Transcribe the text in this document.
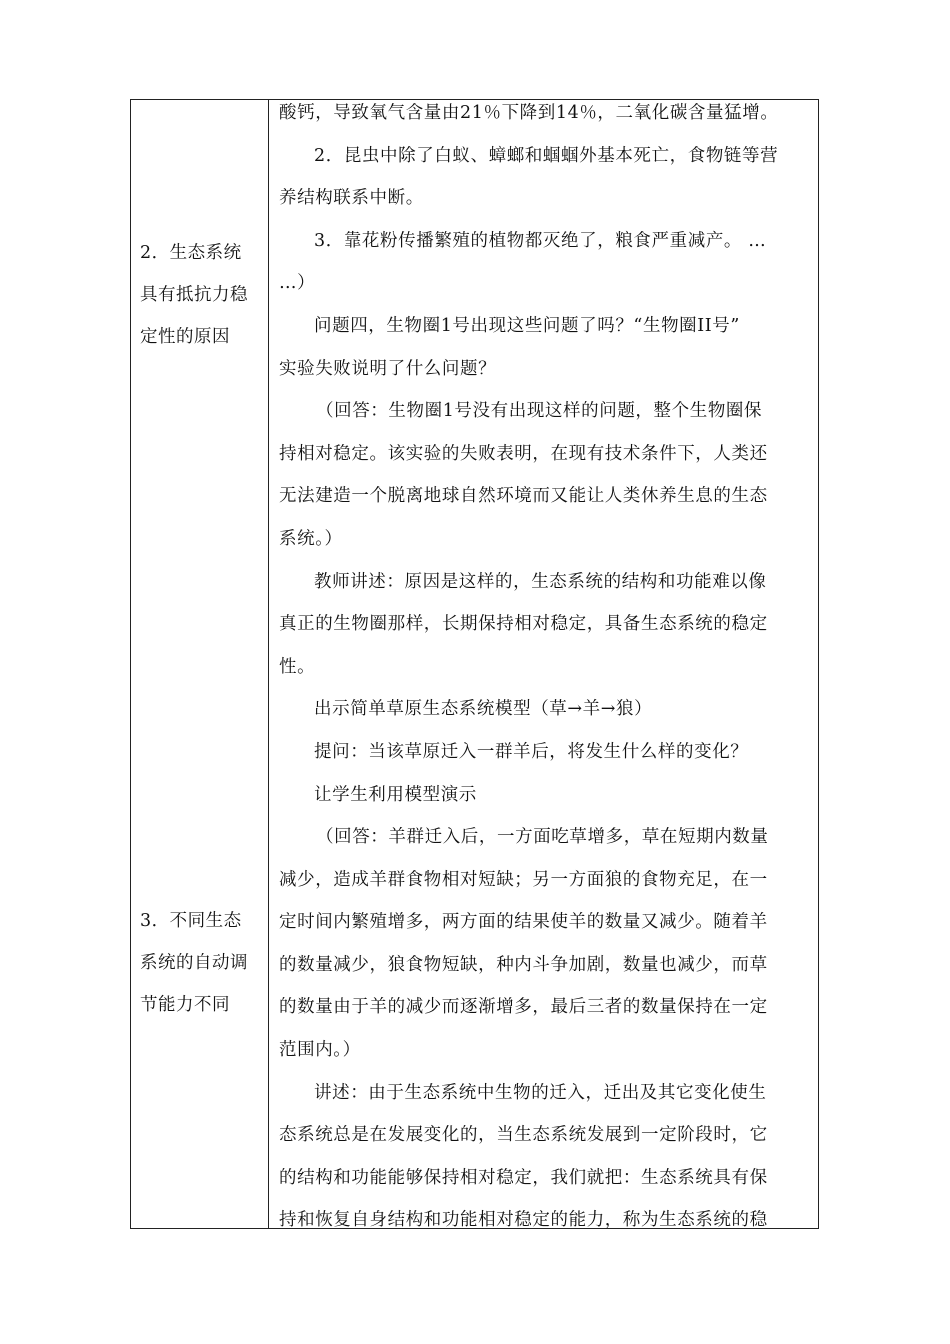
2．生态系统
具有抵抗力稳
定性的原因
3．不同生态
系统的自动调
节能力不同
酸钙，导致氧气含量由21％下降到14％，二氧化碳含量猛增。
2．昆虫中除了白蚁、蟑螂和蝈蝈外基本死亡，食物链等营
养结构联系中断。
3．靠花粉传播繁殖的植物都灭绝了，粮食严重减产。 …
…）
问题四，生物圈1号出现这些问题了吗？“生物圈II号”
实验失败说明了什么问题？
（回答：生物圈1号没有出现这样的问题，整个生物圈保
持相对稳定。该实验的失败表明，在现有技术条件下，人类还
无法建造一个脱离地球自然环境而又能让人类休养生息的生态
系统。）
教师讲述：原因是这样的，生态系统的结构和功能难以像
真正的生物圈那样，长期保持相对稳定，具备生态系统的稳定
性。
出示简单草原生态系统模型（草→羊→狼）
提问：当该草原迁入一群羊后，将发生什么样的变化？
让学生利用模型演示
（回答：羊群迁入后，一方面吃草增多，草在短期内数量
减少，造成羊群食物相对短缺；另一方面狼的食物充足，在一
定时间内繁殖增多，两方面的结果使羊的数量又减少。随着羊
的数量减少，狼食物短缺，种内斗争加剧，数量也减少，而草
的数量由于羊的减少而逐渐增多，最后三者的数量保持在一定
范围内。）
讲述：由于生态系统中生物的迁入，迁出及其它变化使生
态系统总是在发展变化的，当生态系统发展到一定阶段时，它
的结构和功能能够保持相对稳定，我们就把：生态系统具有保
持和恢复自身结构和功能相对稳定的能力，称为生态系统的稳
